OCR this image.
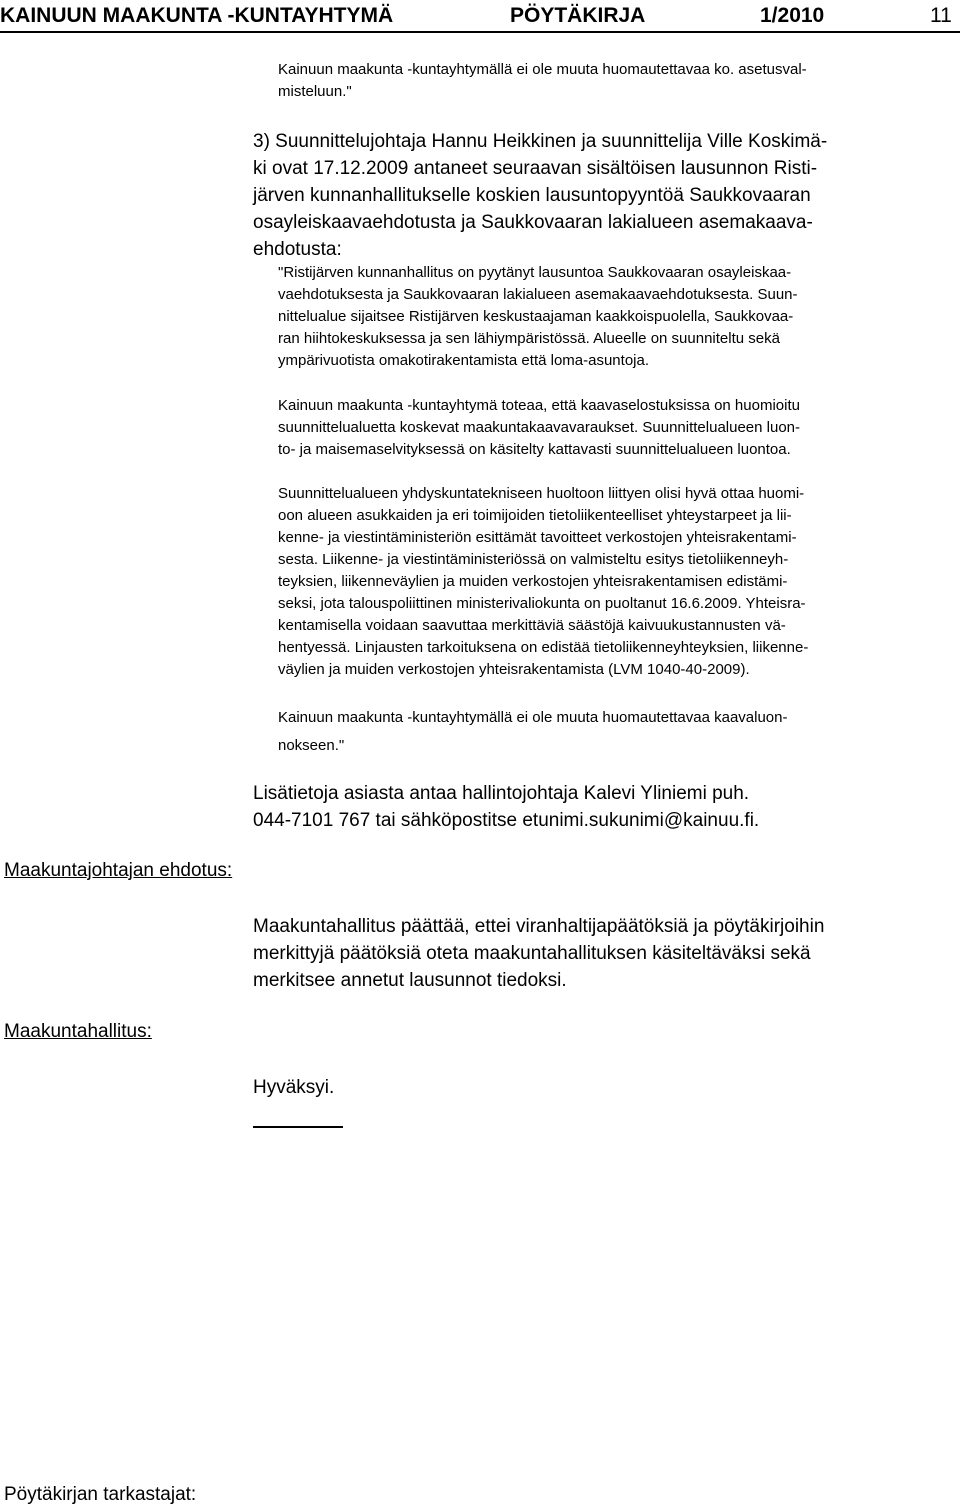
KAINUUN MAAKUNTA -KUNTAYHTYMÄ	PÖYTÄKIRJA	1/2010	11
Kainuun maakunta -kuntayhtymällä ei ole muuta huomautettavaa ko. asetusval-
misteluun."
3) Suunnittelujohtaja Hannu Heikkinen ja suunnittelija Ville Koskimä-
ki ovat 17.12.2009 antaneet seuraavan sisältöisen lausunnon Risti-
järven kunnanhallitukselle koskien lausuntopyyntöä Saukkovaaran
osayleiskaavaehdotusta ja Saukkovaaran lakialueen asemakaava-
ehdotusta:
"Ristijärven kunnanhallitus on pyytänyt lausuntoa Saukkovaaran osayleiskaa-
vaehdotuksesta ja Saukkovaaran lakialueen asemakaavaehdotuksesta. Suun-
nittelualue sijaitsee Ristijärven keskustaajaman kaakkoispuolella, Saukkovaa-
ran hiihtokeskuksessa ja sen lähiympäristössä. Alueelle on suunniteltu sekä
ympärivuotista omakotirakentamista että loma-asuntoja.
Kainuun maakunta -kuntayhtymä toteaa, että kaavaselostuksissa on huomioitu
suunnittelualuetta koskevat maakuntakaavavaraukset. Suunnittelualueen luon-
to- ja maisemaselvityksessä on käsitelty kattavasti suunnittelualueen luontoa.
Suunnittelualueen yhdyskuntatekniseen huoltoon liittyen olisi hyvä ottaa huomi-
oon alueen asukkaiden ja eri toimijoiden tietoliikenteelliset yhteystarpeet ja lii-
kenne- ja viestintäministeriön esittämät tavoitteet verkostojen yhteisrakentami-
sesta. Liikenne- ja viestintäministeriössä on valmisteltu esitys tietoliikenneyh-
teyksien, liikenneväylien ja muiden verkostojen yhteisrakentamisen edistämi-
seksi, jota talouspoliittinen ministerivaliokunta on puoltanut 16.6.2009. Yhteisra-
kentamisella voidaan saavuttaa merkittäviä säästöjä kaivuukustannusten vä-
hentyessä. Linjausten tarkoituksena on edistää tietoliikenneyhteyksien, liikenne-
väylien ja muiden verkostojen yhteisrakentamista (LVM 1040-40-2009).
Kainuun maakunta -kuntayhtymällä ei ole muuta huomautettavaa kaavaluon-
nokseen."
Lisätietoja asiasta antaa hallintojohtaja Kalevi Yliniemi puh.
044-7101 767 tai sähköpostitse etunimi.sukunimi@kainuu.fi.
Maakuntajohtajan ehdotus:
Maakuntahallitus päättää, ettei viranhaltijapäätöksiä ja pöytäkirjoihin
merkittyjä päätöksiä oteta maakuntahallituksen käsiteltäväksi sekä
merkitsee annetut lausunnot tiedoksi.
Maakuntahallitus:
Hyväksyi.
Pöytäkirjan tarkastajat:
